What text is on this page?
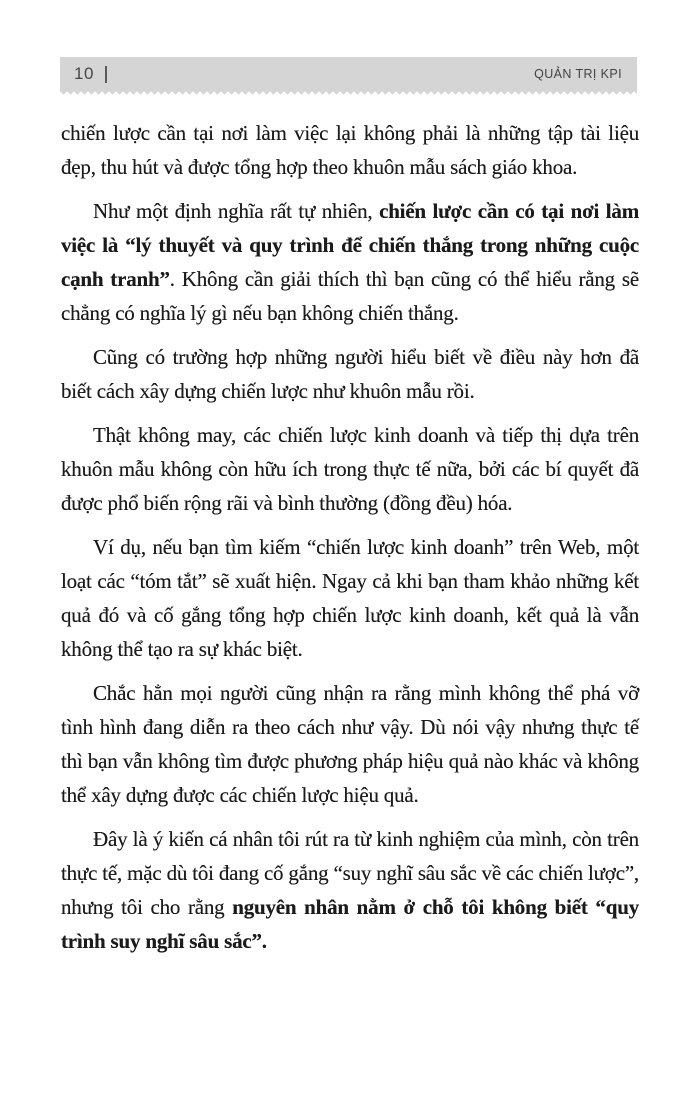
10	QUẢN TRỊ KPI

chiến lược cần tại nơi làm việc lại không phải là những tập tài liệu đẹp, thu hút và được tổng hợp theo khuôn mẫu sách giáo khoa.

Như một định nghĩa rất tự nhiên, chiến lược cần có tại nơi làm việc là “lý thuyết và quy trình để chiến thắng trong những cuộc cạnh tranh”. Không cần giải thích thì bạn cũng có thể hiểu rằng sẽ chẳng có nghĩa lý gì nếu bạn không chiến thắng.

Cũng có trường hợp những người hiểu biết về điều này hơn đã biết cách xây dựng chiến lược như khuôn mẫu rồi.

Thật không may, các chiến lược kinh doanh và tiếp thị dựa trên khuôn mẫu không còn hữu ích trong thực tế nữa, bởi các bí quyết đã được phổ biến rộng rãi và bình thường (đồng đều) hóa.

Ví dụ, nếu bạn tìm kiếm “chiến lược kinh doanh” trên Web, một loạt các “tóm tắt” sẽ xuất hiện. Ngay cả khi bạn tham khảo những kết quả đó và cố gắng tổng hợp chiến lược kinh doanh, kết quả là vẫn không thể tạo ra sự khác biệt.

Chắc hẳn mọi người cũng nhận ra rằng mình không thể phá vỡ tình hình đang diễn ra theo cách như vậy. Dù nói vậy nhưng thực tế thì bạn vẫn không tìm được phương pháp hiệu quả nào khác và không thể xây dựng được các chiến lược hiệu quả.

Đây là ý kiến cá nhân tôi rút ra từ kinh nghiệm của mình, còn trên thực tế, mặc dù tôi đang cố gắng “suy nghĩ sâu sắc về các chiến lược”, nhưng tôi cho rằng nguyên nhân nằm ở chỗ tôi không biết “quy trình suy nghĩ sâu sắc”.
